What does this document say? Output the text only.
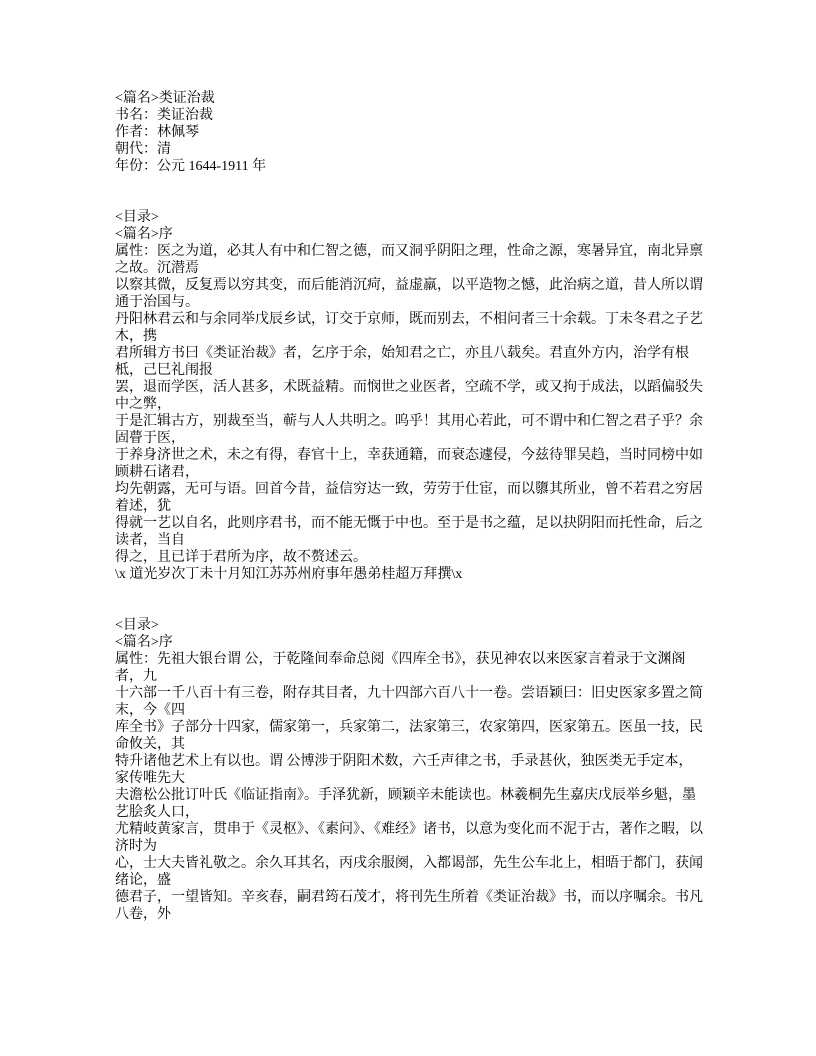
<篇名>类证治裁
书名：类证治裁
作者：林佩琴
朝代：清
年份：公元 1644-1911 年
<目录>
<篇名>序
属性：医之为道，必其人有中和仁智之德，而又洞乎阴阳之理，性命之源，寒暑异宜，南北异禀之故。沉潜焉
以察其微，反复焉以穷其变，而后能消沉疴，益虚羸，以平造物之憾，此治病之道，昔人所以谓通于治国与。
丹阳林君云和与余同举戊辰乡试，订交于京师，既而别去，不相问者三十余载。丁未冬君之子艺木，携
君所辑方书曰《类证治裁》者，乞序于余，始知君之亡，亦且八载矣。君直外方内，治学有根柢，己巳礼闱报
罢，退而学医，活人甚多，术既益精。而悯世之业医者，空疏不学，或又拘于成法，以蹈偏驳失中之弊，
于是汇辑古方，别裁至当，蕲与人人共明之。呜乎！其用心若此，可不谓中和仁智之君子乎？余固瞢于医，
于养身济世之术，未之有得，春官十上，幸获通籍，而衰态遽侵，今兹待罪吴趋，当时同榜中如顾耕石诸君，
均先朝露，无可与语。回首今昔，益信穷达一致，劳劳于仕宦，而以隳其所业，曾不若君之穷居着述，犹
得就一艺以自名，此则序君书，而不能无慨于中也。至于是书之蕴，足以抉阴阳而托性命，后之读者，当自
得之，且已详于君所为序，故不赘述云。
\x 道光岁次丁未十月知江苏苏州府事年愚弟桂超万拜撰\x
<目录>
<篇名>序
属性：先祖大银台谓 公，于乾隆间奉命总阅《四库全书》，获见神农以来医家言着录于文渊阁者，九
十六部一千八百十有三卷，附存其目者，九十四部六百八十一卷。尝语颖曰：旧史医家多置之简末，今《四
库全书》子部分十四家，儒家第一，兵家第二，法家第三，农家第四，医家第五。医虽一技，民命攸关，其
特升诸他艺术上有以也。谓 公博涉于阴阳术数，六壬声律之书，手录甚伙，独医类无手定本，家传唯先大
夫澹松公批订叶氏《临证指南》。手泽犹新，顾颖辛未能读也。林羲桐先生嘉庆戊辰举乡魁，墨艺脍炙人口，
尤精岐黄家言，贯串于《灵枢》、《素问》、《难经》诸书，以意为变化而不泥于古，著作之暇，以济时为
心，士大夫皆礼敬之。余久耳其名，丙戌余服阕，入都谒部，先生公车北上，相晤于都门，获闻绪论，盛
德君子，一望皆知。辛亥春，嗣君筠石茂才，将刊先生所着《类证治裁》书，而以序嘱余。书凡八卷，外
